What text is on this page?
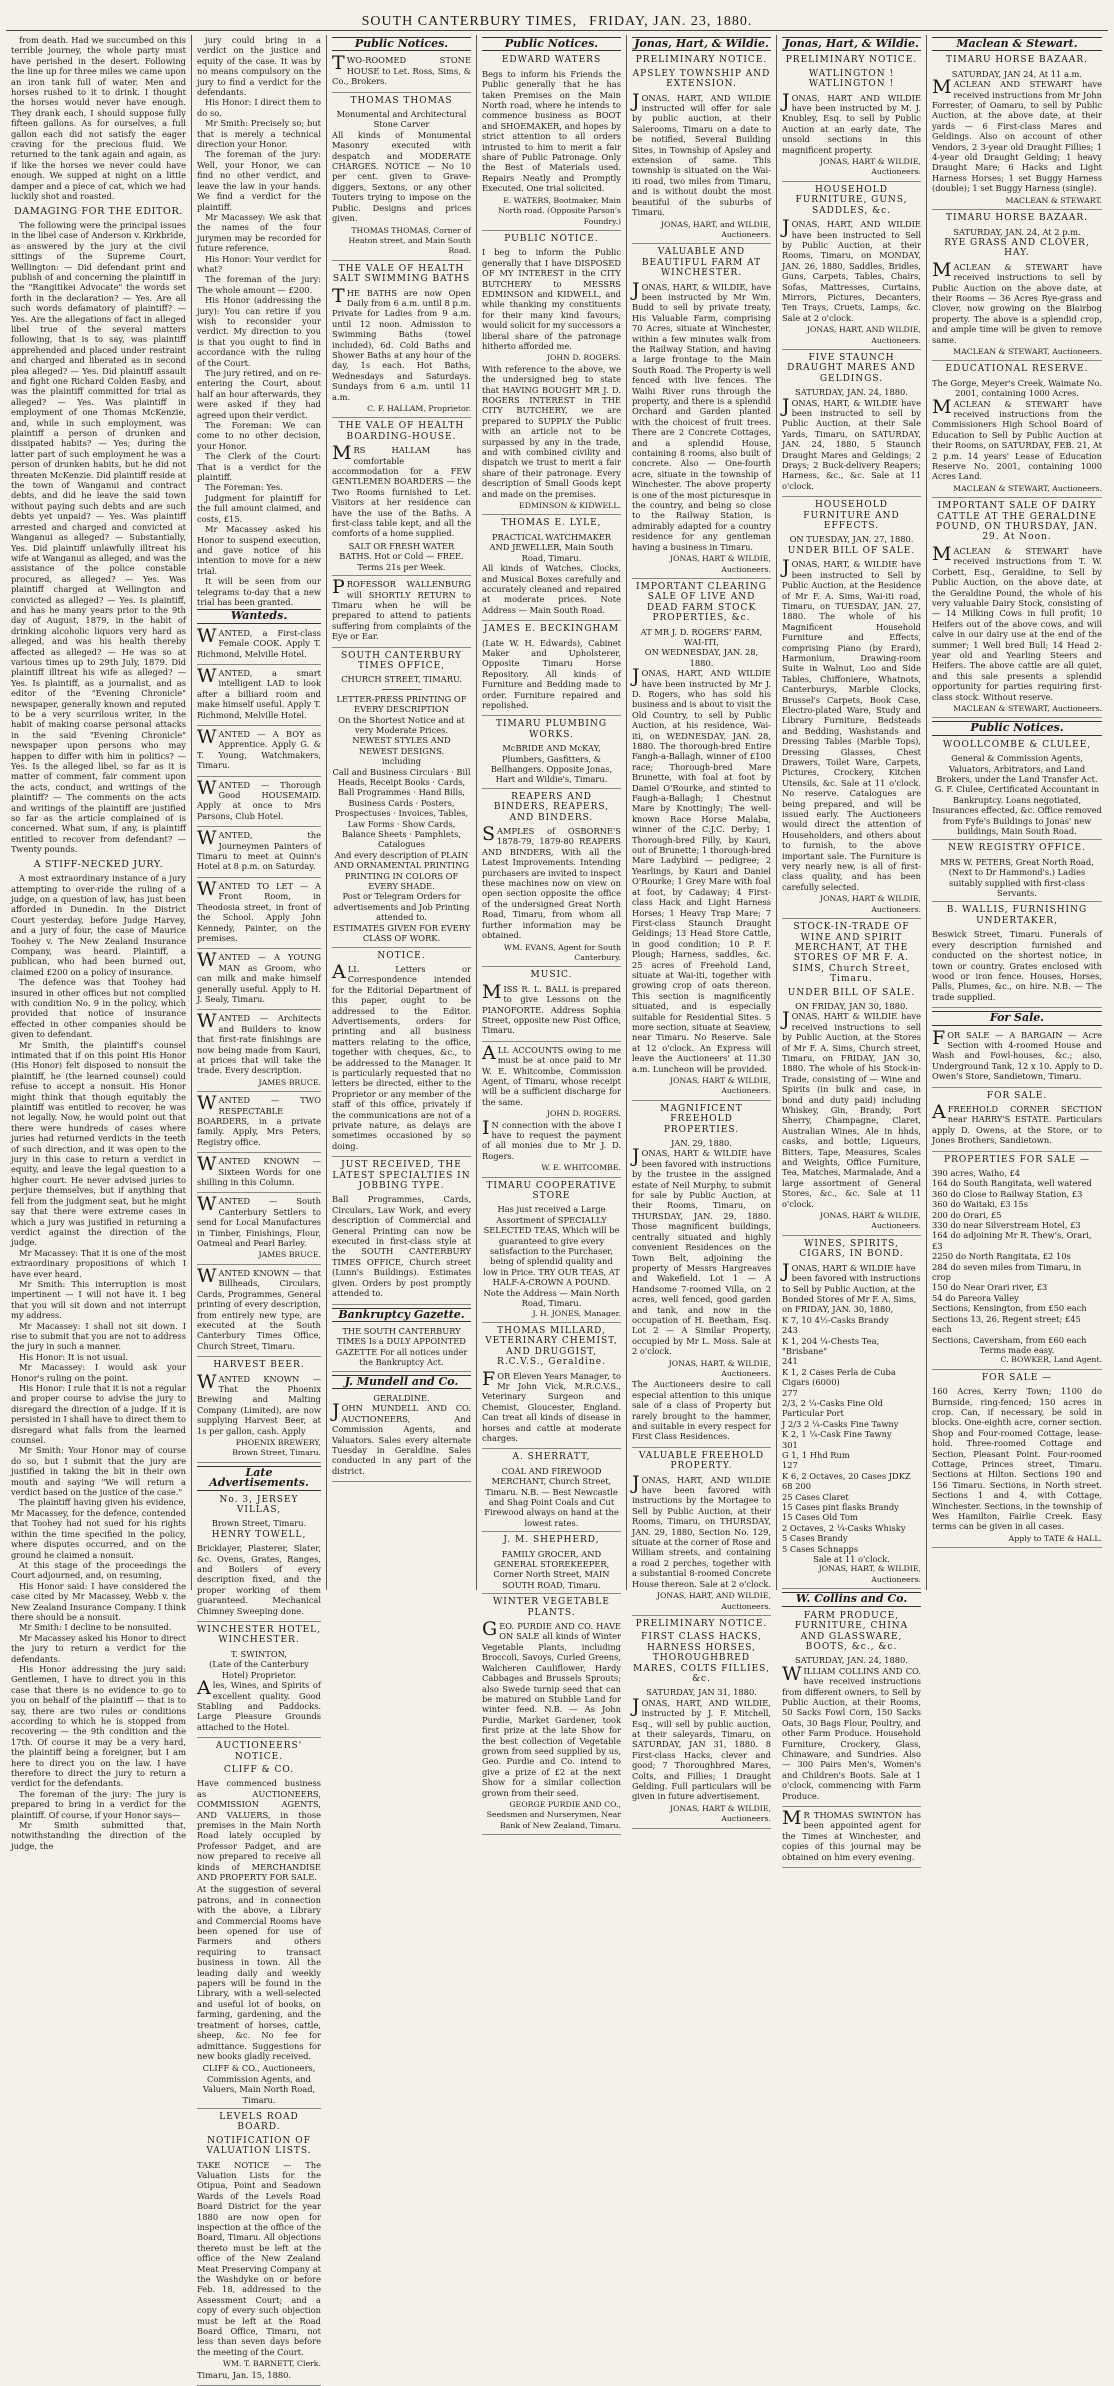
SOUTH CANTERBURY TIMES, FRIDAY, JAN. 23, 1880.

from death. Had we succumbed on this terrible journey, the whole party must have perished in the desert. Following the line up for three miles we came upon an iron tank full of water. Men and horses rushed to it to drink. I thought the horses would never have enough. They drank each, I should suppose fully fifteen gallons. As for ourselves, a full gallon each did not satisfy the eager craving for the precious fluid. We returned to the tank again and again, as if like the horses we never could have enough. We supped at night on a little damper and a piece of cat, which we had luckily shot and roasted.

DAMAGING FOR THE EDITOR.

The following were the principal issues in the libel case of Anderson v. Kirkbride, as answered by the jury at the civil sittings of the Supreme Court, Wellington: — Did defendant print and publish of and concerning the plaintiff in the "Rangitikei Advocate" the words set forth in the declaration? — Yes. Are all such words defamatory of plaintiff? — Yes. Are the allegations of fact in alleged libel true of the several matters following, that is to say, was plaintiff apprehended and placed under restraint and charged and liberated as in second plea alleged? — Yes. Did plaintiff assault and fight one Richard Colden Easby, and was the plaintiff committed for trial as alleged? — Yes. Was plaintiff in employment of one Thomas McKenzie, and, while in such employment, was plaintiff a person of drunken and dissipated habits? — Yes; during the latter part of such employment he was a person of drunken habits, but he did not threaten McKenzie. Did plaintiff reside at the town of Wanganui and contract debts, and did he leave the said town without paying such debts and are such debts yet unpaid? — Yes. Was plaintiff arrested and charged and convicted at Wanganui as alleged? — Substantially, Yes. Did plaintiff unlawfully illtreat his wife at Wanganui as alleged, and was the assistance of the police constable procured, as alleged? — Yes. Was plaintiff charged at Wellington and convicted as alleged? — Yes. Is plaintiff, and has he many years prior to the 9th day of August, 1879, in the habit of drinking alcoholic liquors very hard as alleged, and was his health thereby affected as alleged? — He was so at various times up to 29th July, 1879. Did plaintiff illtreat his wife as alleged? — Yes. Is plaintiff, as a journalist, and as editor of the "Evening Chronicle" newspaper, generally known and reputed to be a very scurrilous writer, in the habit of making coarse personal attacks in the said "Evening Chronicle" newspaper upon persons who may happen to differ with him in politics? — Yes. Is the alleged libel, so far as it is matter of comment, fair comment upon the acts, conduct, and writings of the plaintiff? — The comments on the acts and writings of the plaintiff are justified so far as the article complained of is concerned. What sum, if any, is plaintiff entitled to recover from defendant? — Twenty pounds.

A STIFF-NECKED JURY.

A most extraordinary instance of a jury attempting to over-ride the ruling of a judge, on a question of law, has just been afforded in Dunedin. In the District Court yesterday, before Judge Harvey, and a jury of four, the case of Maurice Toohey v. The New Zealand Insurance Company, was heard. Plaintiff, a publican, who had been burned out, claimed £200 on a policy of insurance.

The defence was that Toohey had insured in other offices but not complied with condition No. 9 in the policy, which provided that notice of insurance effected in other companies should be given to defendant.

Mr Smith, the plaintiff's counsel intimated that if on this point His Honor (His Honor) felt disposed to nonsuit the plaintiff, he (the learned counsel) could refuse to accept a nonsuit. His Honor might think that though equitably the plaintiff was entitled to recover, he was not legally. Now, he would point out that there were hundreds of cases where juries had returned verdicts in the teeth of such direction, and it was open to the jury in this case to return a verdict in equity, and leave the legal question to a higher court. He never advised juries to perjure themselves, but if anything that fell from the judgment seat, but he might say that there were extreme cases in which a jury was justified in returning a verdict against the direction of the judge.

Mr Macassey: That it is one of the most extraordinary propositions of which I have ever heard.

Mr Smith: This interruption is most impertinent — I will not have it. I beg that you will sit down and not interrupt my address.

Mr Macassey: I shall not sit down. I rise to submit that you are not to address the jury in such a manner.

His Honor: It is not usual.

Mr Macassey: I would ask your Honor's ruling on the point.

His Honor: I rule that it is not a regular and proper course to advise the jury to disregard the direction of a judge. If it is persisted in I shall have to direct them to disregard what falls from the learned counsel.

Mr Smith: Your Honor may of course do so, but I submit that the jury are justified in taking the bit in their own mouth and saying "We will return a verdict based on the justice of the case."

The plaintiff having given his evidence, Mr Macassey, for the defence, contended that Toohey had not sued for his rights within the time specified in the policy, where disputes occurred, and on the ground he claimed a nonsuit.

At this stage of the proceedings the Court adjourned, and, on resuming,

His Honor said: I have considered the case cited by Mr Macassey, Webb v. the New Zealand Insurance Company. I think there should be a nonsuit.

Mr Smith: I decline to be nonsuited.

Mr Macassey asked his Honor to direct the jury to return a verdict for the defendants.

His Honor addressing the jury said: Gentlemen, I have to direct you in this case that there is no evidence to go to you on behalf of the plaintiff — that is to say, there are two rules or conditions according to which he is stopped from recovering — the 9th condition and the 17th. Of course it may be a very hard, the plaintiff being a foreigner, but I am here to direct you on the law. I have therefore to direct the jury to return a verdict for the defendants.

The foreman of the jury: The jury is prepared to bring in a verdict for the plaintiff. Of course, if your Honor says—

Mr Smith submitted that, notwithstanding the direction of the judge, the

jury could bring in a verdict on the justice and equity of the case. It was by no means compulsory on the jury to find a verdict for the defendants.

His Honor: I direct them to do so.

Mr Smith: Precisely so; but that is merely a technical direction your Honor.

The foreman of the jury: Well, your Honor, we can find no other verdict, and leave the law in your hands. We find a verdict for the plaintiff.

Mr Macassey: We ask that the names of the four jurymen may be recorded for future reference.

His Honor: Your verdict for what?

The foreman of the jury: The whole amount — £200.

His Honor (addressing the jury): You can retire if you wish to reconsider your verdict. My direction to you is that you ought to find in accordance with the ruling of the Court.

The jury retired, and on re-entering the Court, about half an hour afterwards, they were asked if they had agreed upon their verdict.

The Foreman: We can come to no other decision, your Honor.

The Clerk of the Court: That is a verdict for the plaintiff.

The Foreman: Yes.

Judgment for plaintiff for the full amount claimed, and costs, £15.

Mr Macassey asked his Honor to suspend execution, and gave notice of his intention to move for a new trial.

It will be seen from our telegrams to-day that a new trial has been granted.

Wanteds.

WANTED, a First-class Female COOK. Apply T. Richmond, Melville Hotel.

WANTED, a smart intelligent LAD to look after a billiard room and make himself useful. Apply T. Richmond, Melville Hotel.

WANTED — A BOY as Apprentice. Apply G. & T. Young, Watchmakers, Timaru.

WANTED — Thorough Good HOUSEMAID. Apply at once to Mrs Parsons, Club Hotel.

WANTED, the Journeymen Painters of Timaru to meet at Quinn's Hotel at 8 p.m. on Saturday.

WANTED TO LET — A Front Room, in Theodosia street, in front of the School. Apply John Kennedy, Painter, on the premises.

WANTED — A YOUNG MAN as Groom, who can milk and make himself generally useful. Apply to H. J. Sealy, Timaru.

WANTED — Architects and Builders to know that first-rate finishings are now being made from Kauri, at prices that will take the trade. Every description.

JAMES BRUCE.

WANTED — TWO RESPECTABLE BOARDERS, in a private family. Apply, Mrs Peters, Registry office.

WANTED KNOWN — Sixteen Words for one shilling in this Column.

WANTED — South Canterbury Settlers to send for Local Manufactures in Timber, Finishings, Flour, Oatmeal and Pearl Barley.

JAMES BRUCE.

WANTED KNOWN — that Billheads, Circulars, Cards, Programmes, General printing of every description, from entirely new type, are executed at the South Canterbury Times Office, Church Street, Timaru.

HARVEST BEER.

WANTED KNOWN — That the Phoenix Brewing and Malting Company (Limited), are now supplying Harvest Beer, at 1s per gallon, cash. Apply

PHOENIX BREWERY,

Brown Street, Timaru.

Late Advertisements.

No. 3, JERSEY VILLAS,

Brown Street, Timaru.

HENRY TOWELL,

Bricklayer, Plasterer, Slater, &c. Ovens, Grates, Ranges, and Boilers of every description fixed, and the proper working of them guaranteed. Mechanical Chimney Sweeping done.

WINCHESTER HOTEL, WINCHESTER.

T. SWINTON,

(Late of the Canterbury Hotel) Proprietor.

Ales, Wines, and Spirits of excellent quality. Good Stabling and Paddocks. Large Pleasure Grounds attached to the Hotel.

AUCTIONEERS' NOTICE.

CLIFF & CO.

Have commenced business as AUCTIONEERS, COMMISSION AGENTS, AND VALUERS, in those premises in the Main North Road lately occupied by Professor Padget, and are now prepared to receive all kinds of MERCHANDISE AND PROPERTY FOR SALE.

At the suggestion of several patrons, and in connection with the above, a Library and Commercial Rooms have been opened for use of Farmers and others requiring to transact business in town. All the leading daily and weekly papers will be found in the Library, with a well-selected and useful lot of books, on farming, gardening, and the treatment of horses, cattle, sheep, &c. No fee for admittance. Suggestions for new books gladly received.

CLIFF & CO., Auctioneers, Commission Agents, and Valuers, Main North Road, Timaru.

LEVELS ROAD BOARD.

NOTIFICATION OF VALUATION LISTS.

TAKE NOTICE — The Valuation Lists for the Otipua, Point and Seadown Wards of the Levels Road Board District for the year 1880 are now open for inspection at the office of the Board, Timaru. All objections thereto must be left at the office of the New Zealand Meat Preserving Company at the Washdyke on or before Feb. 18, addressed to the Assessment Court; and a copy of every such objection must be left at the Road Board Office, Timaru, not less than seven days before the meeting of the Court.

WM. T. BARNETT, Clerk.

Timaru, Jan. 15, 1880.

Public Notices.

TWO-ROOMED STONE HOUSE to Let. Ross, Sims, & Co., Brokers.

THOMAS THOMAS

Monumental and Architectural Stone Carver

All kinds of Monumental Masonry executed with despatch and MODERATE CHARGES. NOTICE — No 10 per cent. given to Grave-diggers, Sextons, or any other Touters trying to impose on the Public. Designs and prices given.

THOMAS THOMAS, Corner of Heaton street, and Main South Road.

THE VALE OF HEALTH SALT SWIMMING BATHS

THE BATHS are now Open Daily from 6 a.m. until 8 p.m. Private for Ladies from 9 a.m. until 12 noon. Admission to Swimming Baths (towel included), 6d. Cold Baths and Shower Baths at any hour of the day, 1s each. Hot Baths, Wednesdays and Saturdays. Sundays from 6 a.m. until 11 a.m.

C. F. HALLAM, Proprietor.

THE VALE OF HEALTH BOARDING-HOUSE.

MRS HALLAM has comfortable accommodation for a FEW GENTLEMEN BOARDERS — the Two Rooms furnished to Let. Visitors at her residence can have the use of the Baths. A first-class table kept, and all the comforts of a home supplied.

SALT OR FRESH WATER BATHS. Hot or Cold — FREE.

Terms 21s per Week.

PROFESSOR WALLENBURG will SHORTLY RETURN to Timaru when he will be prepared to attend to patients suffering from complaints of the Eye or Ear.

SOUTH CANTERBURY TIMES OFFICE,

CHURCH STREET, TIMARU.

LETTER-PRESS PRINTING OF EVERY DESCRIPTION

On the Shortest Notice and at very Moderate Prices.

NEWEST STYLES AND NEWEST DESIGNS.

including

Call and Business Circulars · Bill Heads, Receipt Books · Cards, Ball Programmes · Hand Bills, Business Cards · Posters, Prospectuses · Invoices, Tables, Law Forms · Show Cards, Balance Sheets · Pamphlets, Catalogues

And every description of PLAIN AND ORNAMENTAL PRINTING

PRINTING IN COLORS OF EVERY SHADE.

Post or Telegram Orders for advertisements and Job Printing attended to.

ESTIMATES GIVEN FOR EVERY CLASS OF WORK.

NOTICE.

ALL Letters or Correspondence intended for the Editorial Department of this paper, ought to be addressed to the Editor. Advertisements, orders for printing and all business matters relating to the office, together with cheques, &c., to be addressed to the Manager. It is particularly requested that no letters be directed, either to the Proprietor or any member of the staff of this office, privately if the communications are not of a private nature, as delays are sometimes occasioned by so doing.

JUST RECEIVED, THE LATEST SPECIALTIES IN JOBBING TYPE.

Ball Programmes, Cards, Circulars, Law Work, and every description of Commercial and General Printing can now be executed in first-class style at the SOUTH CANTERBURY TIMES OFFICE, Church street (Lunn's Buildings). Estimates given. Orders by post promptly attended to.

Bankruptcy Gazette.

THE SOUTH CANTERBURY TIMES Is a DULY APPOINTED GAZETTE For all notices under the Bankruptcy Act.

J. Mundell and Co.

GERALDINE.

JOHN MUNDELL AND CO. AUCTIONEERS, And Commission Agents, and Valuators. Sales every alternate Tuesday in Geraldine. Sales conducted in any part of the district.

Public Notices.

EDWARD WATERS

Begs to inform his Friends the Public generally that he has taken Premises on the Main North road, where he intends to commence business as BOOT and SHOEMAKER, and hopes by strict attention to all orders intrusted to him to merit a fair share of Public Patronage. Only the Best of Materials used. Repairs Neatly and Promptly Executed. One trial solicited.

E. WATERS, Bootmaker, Main North road. (Opposite Parson's Foundry.)

PUBLIC NOTICE.

I beg to inform the Public generally that I have DISPOSED OF MY INTEREST in the CITY BUTCHERY to MESSRS EDMINSON and KIDWELL, and while thanking my constituents for their many kind favours, would solicit for my successors a liberal share of the patronage hitherto afforded me.

JOHN D. ROGERS.

With reference to the above, we the undersigned beg to state that HAVING BOUGHT MR J. D. ROGERS INTEREST in THE CITY BUTCHERY, we are prepared to SUPPLY the Public with an article not to be surpassed by any in the trade, and with combined civility and dispatch we trust to merit a fair share of their patronage. Every description of Small Goods kept and made on the premises.

EDMINSON & KIDWELL.

THOMAS E. LYLE,

PRACTICAL WATCHMAKER AND JEWELLER, Main South Road, Timaru.

All kinds of Watches, Clocks, and Musical Boxes carefully and accurately cleaned and repaired at moderate prices. Note Address — Main South Road.

JAMES E. BECKINGHAM

(Late W. H. Edwards), Cabinet Maker and Upholsterer, Opposite Timaru Horse Repository. All kinds of Furniture and Bedding made to order. Furniture repaired and repolished.

TIMARU PLUMBING WORKS.

McBRIDE AND McKAY, Plumbers, Gasfitters, & Bellhangers. Opposite Jonas, Hart and Wildie's, Timaru.

REAPERS AND BINDERS, REAPERS, AND BINDERS.

SAMPLES of OSBORNE'S 1878-79, 1879-80 REAPERS AND BINDERS, With all the Latest Improvements. Intending purchasers are invited to inspect these machines now on view on open section opposite the office of the undersigned Great North Road, Timaru, from whom all further information may be obtained.

WM. EVANS, Agent for South Canterbury.

MUSIC.

MISS R. L. BALL is prepared to give Lessons on the PIANOFORTE. Address Sophia Street, opposite new Post Office, Timaru.

ALL ACCOUNTS owing to me must be at once paid to Mr W. E. Whitcombe, Commission Agent, of Timaru, whose receipt will be a sufficient discharge for the same.

JOHN D. ROGERS.

IN connection with the above I have to request the payment of all monies due to Mr J. D. Rogers.

W. E. WHITCOMBE.

TIMARU COOPERATIVE STORE

Has just received a Large Assortment of SPECIALLY SELECTED TEAS, Which will be guaranteed to give every satisfaction to the Purchaser, being of splendid quality and low in Price. TRY OUR TEAS, AT HALF-A-CROWN A POUND. Note the Address — Main North Road, Timaru.

J. H. JONES, Manager.

THOMAS MILLARD, VETERINARY CHEMIST, AND DRUGGIST, R.C.V.S., Geraldine.

FOR Eleven Years Manager, to Mr John Vick, M.R.C.V.S., Veterinary Surgeon and Chemist, Gloucester, England. Can treat all kinds of disease in horses and cattle at moderate charges.

A. SHERRATT,

COAL AND FIREWOOD MERCHANT, Church Street, Timaru. N.B. — Best Newcastle and Shag Point Coals and Cut Firewood always on hand at the lowest rates.

J. M. SHEPHERD,

FAMILY GROCER, AND GENERAL STOREKEEPER, Corner North Street, MAIN SOUTH ROAD, Timaru.

WINTER VEGETABLE PLANTS.

GEO. PURDIE AND CO. HAVE ON SALE all kinds of Winter Vegetable Plants, including Broccoli, Savoys, Curled Greens, Walcheren Cauliflower, Hardy Cabbages and Brussels Sprouts; also Swede turnip seed that can be matured on Stubble Land for winter feed. N.B. — As John Purdie, Market Gardener, took first prize at the late Show for the best collection of Vegetable grown from seed supplied by us, Geo. Purdie and Co. intend to give a prize of £2 at the next Show for a similar collection grown from their seed.

GEORGE PURDIE AND CO., Seedsmen and Nurserymen, Near Bank of New Zealand, Timaru.

Jonas, Hart, & Wildie.

PRELIMINARY NOTICE.

APSLEY TOWNSHIP AND EXTENSION.

JONAS, HART, AND WILDIE instructed will offer for sale by public auction, at their Salerooms, Timaru on a date to be notified, Several Building Sites, in Township of Apsley and extension of same. This township is situated on the Wai-iti road, two miles from Timaru, and is without doubt the most beautiful of the suburbs of Timaru.

JONAS, HART, and WILDIE, Auctioneers.

VALUABLE AND BEAUTIFUL FARM AT WINCHESTER.

JONAS, HART, & WILDIE, have been instructed by Mr Wm. Budd to sell by private treaty, His Valuable Farm, comprising 70 Acres, situate at Winchester, within a few minutes walk from the Railway Station, and having a large frontage to the Main South Road. The Property is well fenced with live fences. The Waihi River runs through the property, and there is a splendid Orchard and Garden planted with the choicest of fruit trees. There are 2 Concrete Cottages, and a splendid House, containing 8 rooms, also built of concrete. Also — One-fourth acre, situate in the township of Winchester. The above property is one of the most picturesque in the country, and being so close to the Railway Station, is admirably adapted for a country residence for any gentleman having a business in Timaru.

JONAS, HART & WILDIE, Auctioneers.

IMPORTANT CLEARING SALE OF LIVE AND DEAD FARM STOCK PROPERTIES, &c.

AT MR J. D. ROGERS' FARM, WAI-ITI,

ON WEDNESDAY, JAN. 28, 1880.

JONAS, HART, AND WILDIE have been instructed by Mr J. D. Rogers, who has sold his business and is about to visit the Old Country, to sell by Public Auction, at his residence, Wai-iti, on WEDNESDAY, JAN. 28, 1880. The thorough-bred Entire Fangh-a-Ballagh, winner of £100 race; Thorough-bred Mare Brunette, with foal at foot by Daniel O'Rourke, and stinted to Faugh-a-Ballagh; 1 Chestnut Mare by Knottingly; The well-known Race Horse Malaba, winner of the C.J.C. Derby; 1 Thorough-bred Filly, by Kauri, out of Brunette; 1 thorough-bred Mare Ladybird — pedigree; 2 Yearlings, by Kauri and Daniel O'Rourke; 1 Grey Mare with foal at foot, by Cadaway; 4 First-class Hack and Light Harness Horses; 1 Heavy Trap Mare; 7 First-class Staunch Draught Geldings; 13 Head Store Cattle, in good condition; 10 P. F. Plough; Harness, saddles, &c. 25 acres of Freehold Land, situate at Wai-iti, together with growing crop of oats thereon. This section is magnificently situated, and is especially suitable for Residential Sites. 5 more section, situate at Seaview, near Timaru. No Reserve. Sale at 12 o'clock. An Express will leave the Auctioneers' at 11.30 a.m. Luncheon will be provided.

JONAS, HART & WILDIE, Auctioneers.

MAGNIFICENT FREEHOLD PROPERTIES.

JAN. 29, 1880.

JONAS, HART & WILDIE have been favored with instructions by the trustee in the assigned estate of Neil Murphy, to submit for sale by Public Auction, at their Rooms, Timaru, on THURSDAY, JAN. 29, 1880. Those magnificent buildings, centrally situated and highly convenient Residences on the Town Belt, adjoining the property of Messrs Hargreaves and Wakefield. Lot 1 — A Handsome 7-roomed Villa, on 2 acres, well fenced, good garden and tank, and now in the occupation of H. Beetham, Esq. Lot 2 — A Similar Property, occupied by Mr L. Moss. Sale at 2 o'clock.

JONAS, HART, & WILDIE, Auctioneers.

The Auctioneers desire to call especial attention to this unique sale of a class of Property but rarely brought to the hammer, and suitable in every respect for First Class Residences.

VALUABLE FREEHOLD PROPERTY.

JONAS, HART, AND WILDIE have been favored with instructions by the Mortagee to Sell by Public Auction, at their Rooms, Timaru, on THURSDAY, JAN. 29, 1880, Section No. 129, situate at the corner of Rose and William streets, and containing a road 2 perches, together with a substantial 8-roomed Concrete House thereon. Sale at 2 o'clock.

JONAS, HART, AND WILDIE, Auctioneers.

PRELIMINARY NOTICE.

FIRST CLASS HACKS, HARNESS HORSES, THOROUGHBRED MARES, COLTS FILLIES, &c.

SATURDAY, JAN 31, 1880.

JONAS, HART, AND WILDIE, instructed by J. F. Mitchell, Esq., will sell by public auction, at their saleyards, Timaru, on SATURDAY, JAN 31, 1880. 8 First-class Hacks, clever and good; 7 Thoroughbred Mares, Colts, and Fillies; 1 Draught Gelding. Full particulars will be given in future advertisement.

JONAS, HART & WILDIE, Auctioneers.

Jonas, Hart, & Wildie.

PRELIMINARY NOTICE.

WATLINGTON ! WATLINGTON !

JONAS, HART AND WILDIE have been instructed by M. J. Knubley, Esq. to sell by Public Auction at an early date, The unsold sections in this magnificent property.

JONAS, HART & WILDIE, Auctioneers.

HOUSEHOLD FURNITURE, GUNS, SADDLES, &c.

JONAS, HART, AND WILDIE have been instructed to Sell by Public Auction, at their Rooms, Timaru, on MONDAY, JAN. 26, 1880, Saddles, Bridles, Guns, Carpets, Tables, Chairs, Sofas, Mattresses, Curtains, Mirrors, Pictures, Decanters, Ten Trays, Cruets, Lamps, &c. Sale at 2 o'clock.

JONAS, HART, AND WILDIE, Auctioneers.

FIVE STAUNCH DRAUGHT MARES AND GELDINGS.

SATURDAY, JAN. 24, 1880.

JONAS, HART, & WILDIE have been instructed to sell by Public Auction, at their Sale Yards, Timaru, on SATURDAY, JAN. 24, 1880, 5 Staunch Draught Mares and Geldings; 2 Drays; 2 Buck-delivery Reapers; Harness, &c., &c. Sale at 11 o'clock.

HOUSEHOLD FURNITURE AND EFFECTS.

ON TUESDAY, JAN. 27, 1880.

UNDER BILL OF SALE.

JONAS, HART, & WILDIE have been instructed to Sell by Public Auction, at the Residence of Mr F. A. Sims, Wai-iti road, Timaru, on TUESDAY, JAN. 27, 1880. The whole of his Magnificent Household Furniture and Effects, comprising Piano (by Erard), Harmonium, Drawing-room Suite in Walnut, Loo and Side Tables, Chiffoniere, Whatnots, Canterburys, Marble Clocks, Brussel's Carpets, Book Case, Electro-plated Ware, Study and Library Furniture, Bedsteads and Bedding, Washstands and Dressing Tables (Marble Tops), Dressing Glasses, Chest Drawers, Toilet Ware, Carpets, Pictures, Crockery, Kitchen Utensils, &c. Sale at 11 o'clock. No reserve. Catalogues are being prepared, and will be issued early. The Auctioneers would direct the attention of Householders, and others about to furnish, to the above important sale. The Furniture is very nearly new, is all of first-class quality, and has been carefully selected.

JONAS, HART & WILDIE, Auctioneers.

STOCK-IN-TRADE OF WINE AND SPIRIT MERCHANT, AT THE STORES OF MR F. A. SIMS, Church Street, Timaru.

UNDER BILL OF SALE.

ON FRIDAY, JAN 30, 1880.

JONAS, HART & WILDIE have received instructions to sell by Public Auction, at the Stores of Mr F. A. Sims, Church street, Timaru, on FRIDAY, JAN 30, 1880. The whole of his Stock-in-Trade, consisting of — Wine and Spirits (in bulk and case, in bond and duty paid) including Whiskey, Gin, Brandy, Port Sherry, Champagne, Claret, Australian Wines, Ale in hhds, casks, and bottle, Liqueurs, Bitters, Tape, Measures, Scales and Weights, Office Furniture, Tea, Matches, Marmalade, And a large assortment of General Stores, &c., &c. Sale at 11 o'clock.

JONAS, HART & WILDIE, Auctioneers.

WINES, SPIRITS, CIGARS, IN BOND.

JONAS, HART & WILDIE have been favored with instructions to Sell by Public Auction, at the Bonded Stores of Mr F. A. Sims, on FRIDAY, JAN. 30, 1880,

K 7, 10 4½-Casks Brandy

243

K 1, 204 ¼-Chests Tea, "Brisbane"

241

K 1, 2 Cases Perla de Cuba Cigars (6000)

277

2/3, 2 ¼-Casks Fine Old Particular Port

J 2/3 2 ¼-Casks Fine Tawny

K 2, 1 ¼-Cask Fine Tawny

301

G 1, 1 Hhd Rum

127

K 6, 2 Octaves, 20 Cases JDKZ

68 200

25 Cases Claret

15 Cases pint flasks Brandy

15 Cases Old Tom

2 Octaves, 2 ¼-Casks Whisky

5 Cases Brandy

5 Cases Schnapps

Sale at 11 o'clock.

JONAS, HART, & WILDIE, Auctioneers.

W. Collins and Co.

FARM PRODUCE, FURNITURE, CHINA AND GLASSWARE, BOOTS, &c., &c.

SATURDAY, JAN. 24, 1880.

WILLIAM COLLINS AND CO. have received instructions from different owners, to Sell by Public Auction, at their Rooms, 50 Sacks Fowl Corn, 150 Sacks Oats, 30 Bags Flour, Poultry, and other Farm Produce. Household Furniture, Crockery, Glass, Chinaware, and Sundries. Also — 300 Pairs Men's, Women's and Children's Boots. Sale at 1 o'clock, commencing with Farm Produce.

MR THOMAS SWINTON has been appointed agent for the Times at Winchester, and copies of this journal may be obtained on him every evening.

Maclean & Stewart.

TIMARU HORSE BAZAAR.

SATURDAY, JAN 24, At 11 a.m.

MACLEAN AND STEWART have received instructions from Mr John Forrester, of Oamaru, to sell by Public Auction, at the above date, at their yards — 6 First-class Mares and Geldings. Also on account of other Vendors, 2 3-year old Draught Fillies; 1 4-year old Draught Gelding; 1 heavy Draught Mare; 6 Hacks and Light Harness Horses; 1 set Buggy Harness (double); 1 set Buggy Harness (single).

MACLEAN & STEWART.

TIMARU HORSE BAZAAR.

SATURDAY, JAN. 24, At 2 p.m.

RYE GRASS AND CLOVER, HAY.

MACLEAN & STEWART have received instructions to sell by Public Auction on the above date, at their Rooms — 36 Acres Rye-grass and Clover, now growing on the Blairbog property. The above is a splendid crop, and ample time will be given to remove same.

MACLEAN & STEWART, Auctioneers.

EDUCATIONAL RESERVE.

The Gorge, Meyer's Creek, Waimate No. 2001, containing 1000 Acres.

MACLEAN & STEWART have received instructions from the Commissioners High School Board of Education to Sell by Public Auction at their Rooms, on SATURDAY, FEB. 21, At 2 p.m. 14 years' Lease of Education Reserve No. 2001, containing 1000 Acres Land.

MACLEAN & STEWART, Auctioneers.

IMPORTANT SALE OF DAIRY CATTLE AT THE GERALDINE POUND, ON THURSDAY, JAN. 29. At Noon.

MACLEAN & STEWART have received instructions from T. W. Corbett, Esq., Geraldine, to Sell by Public Auction, on the above date, at the Geraldine Pound, the whole of his very valuable Dairy Stock, consisting of — 14 Milking Cows in full profit; 10 Heifers out of the above cows, and will calve in our dairy use at the end of the summer; 1 Well bred Bull; 14 Head 2-year old and Yearling Steers and Heifers. The above cattle are all quiet, and this sale presents a splendid opportunity for parties requiring first-class stock. Without reserve.

MACLEAN & STEWART, Auctioneers.

Public Notices.

WOOLLCOMBE & CLULEE,

General & Commission Agents, Valuators, Arbitrators, and Land Brokers, under the Land Transfer Act. G. F. Clulee, Certificated Accountant in Bankruptcy. Loans negotiated, Insurances effected, &c. Office removed from Fyfe's Buildings to Jonas' new buildings, Main South Road.

NEW REGISTRY OFFICE.

MRS W. PETERS, Great North Road, (Next to Dr Hammond's.) Ladies suitably supplied with first-class Servants.

B. WALLIS, FURNISHING UNDERTAKER,

Beswick Street, Timaru. Funerals of every description furnished and conducted on the shortest notice, in town or country. Grates enclosed with wood or iron fence. Houses, Horses, Palls, Plumes, &c., on hire. N.B. — The trade supplied.

For Sale.

FOR SALE — A BARGAIN — Acre Section with 4-roomed House and Wash and Fowl-houses, &c.; also, Underground Tank, 12 x 10. Apply to D. Owen's Store, Sandietown, Timaru.

FOR SALE.

AFREEHOLD CORNER SECTION near HARRY'S ESTATE. Particulars apply D. Owens, at the Store, or to Jones Brothers, Sandietown.

PROPERTIES FOR SALE —

390 acres, Waiho, £4

164 do South Rangitata, well watered

360 do Close to Railway Station, £3

360 do Waitaki, £3 15s

200 do Orari, £5

330 do near Silverstream Hotel, £3

164 do adjoining Mr R. Thew's, Orari, £3

2250 do North Rangitata, £2 10s

284 do seven miles from Timaru, in crop

150 do Near Orari river, £3

54 do Pareora Valley

Sections, Kensington, from £50 each

Sections 13, 26, Regent street; £45 each

Sections, Caversham, from £60 each

Terms made easy.

C. BOWKER, Land Agent.

FOR SALE —

160 Acres, Kerry Town; 1100 do Burnside, ring-fenced; 150 acres in crop. Can, if necessary, be sold in blocks. One-eighth acre, corner section. Shop and Four-roomed Cottage, lease-hold. Three-roomed Cottage and Section, Pleasant Point. Four-roomed Cottage, Princes street, Timaru. Sections at Hilton. Sections 190 and 156 Timaru. Sections, in North street. Sections 1 and 4, with Cottage, Winchester. Sections, in the township of Wes Hamilton, Fairlie Creek. Easy terms can be given in all cases.

Apply to TATE & HALL.
